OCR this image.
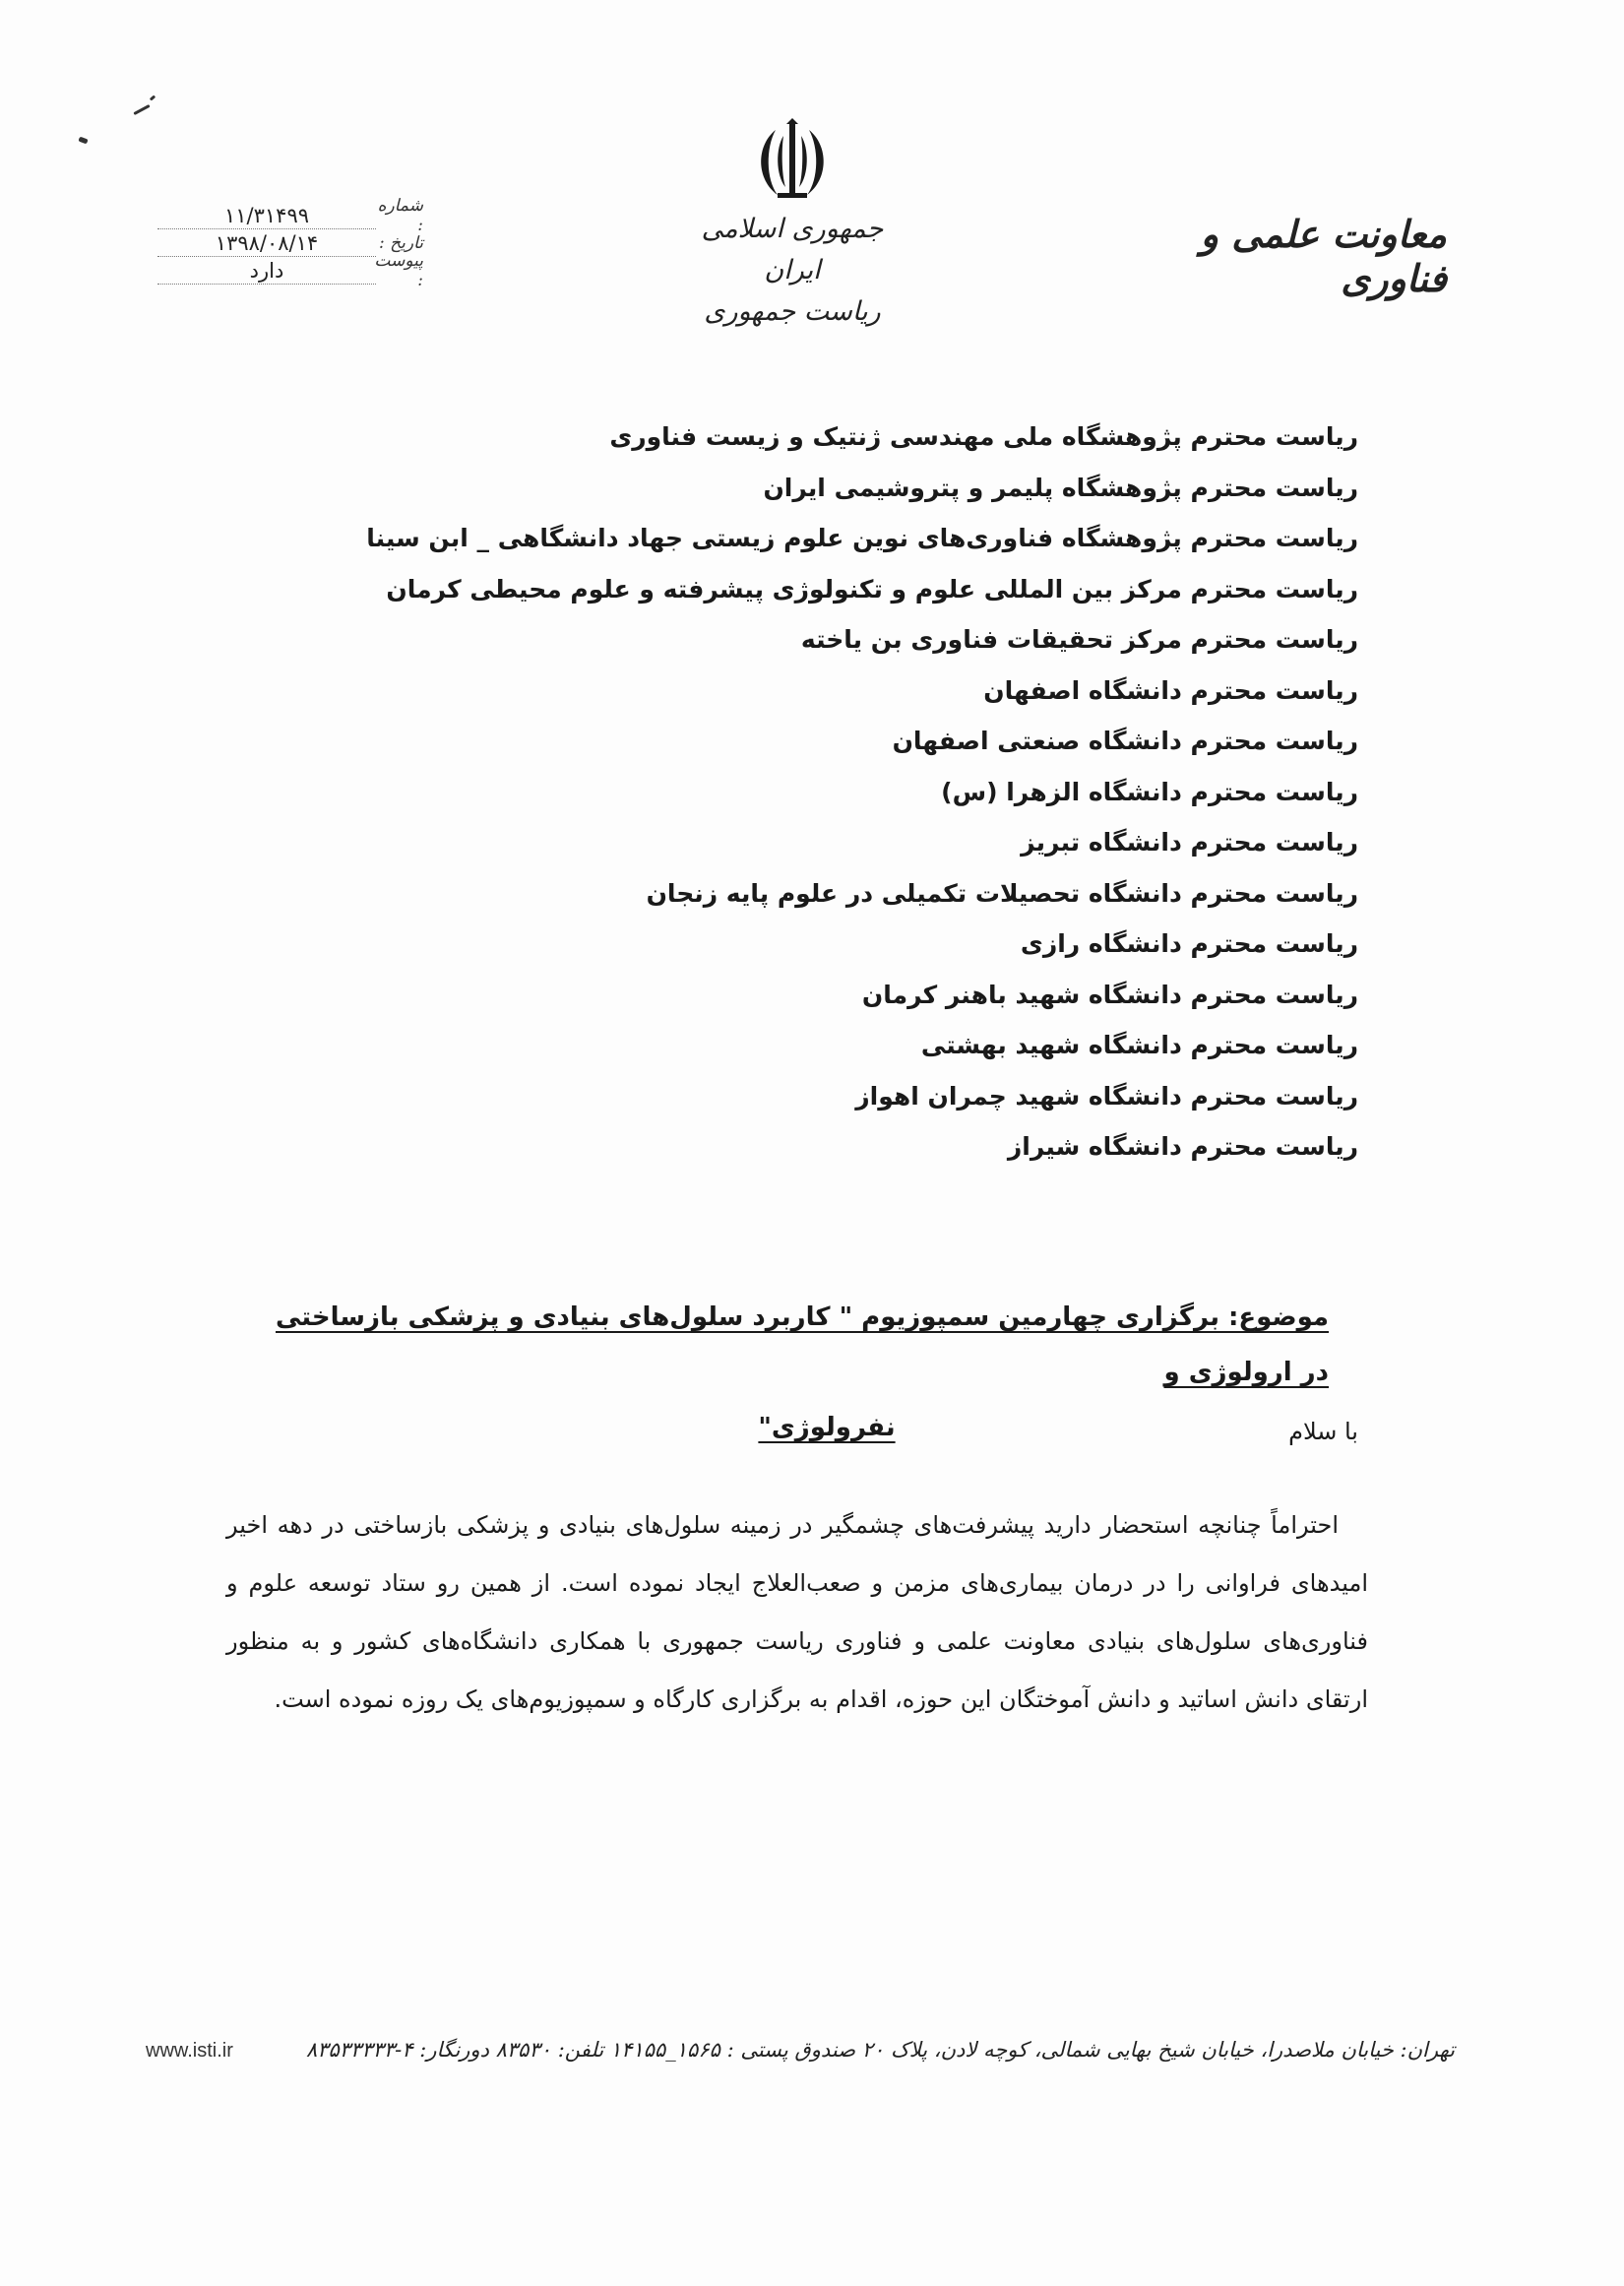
جمهوری اسلامی ایران
ریاست جمهوری
معاونت علمی و فناوری
شماره :
۱۱/۳۱۴۹۹
تاریخ :
۱۳۹۸/۰۸/۱۴
پیوست :
دارد
ریاست محترم پژوهشگاه ملی مهندسی ژنتیک و زیست فناوری
ریاست محترم پژوهشگاه پلیمر و پتروشیمی ایران
ریاست محترم پژوهشگاه فناوری‌های نوین علوم زیستی جهاد دانشگاهی _ ابن سینا
ریاست محترم مرکز بین المللی علوم و تکنولوژی پیشرفته و علوم محیطی کرمان
ریاست محترم مرکز تحقیقات فناوری بن یاخته
ریاست محترم دانشگاه اصفهان
ریاست محترم دانشگاه صنعتی اصفهان
ریاست محترم دانشگاه الزهرا (س)
ریاست محترم دانشگاه تبریز
ریاست محترم دانشگاه تحصیلات تکمیلی در علوم پایه زنجان
ریاست محترم دانشگاه رازی
ریاست محترم دانشگاه شهید باهنر کرمان
ریاست محترم دانشگاه شهید بهشتی
ریاست محترم دانشگاه شهید چمران اهواز
ریاست محترم دانشگاه شیراز
موضوع: برگزاری چهارمین سمپوزیوم " کاربرد سلول‌های بنیادی و پزشکی بازساختی در ارولوژی و
نفرولوژی"	با سلام
احتراماً چنانچه استحضار دارید پیشرفت‌های چشمگیر در زمینه سلول‌های بنیادی و پزشکی بازساختی در دهه اخیر امیدهای فراوانی را در درمان بیماری‌های مزمن و صعب‌العلاج ایجاد نموده است. از همین رو ستاد توسعه علوم و فناوری‌های سلول‌های بنیادی معاونت علمی و فناوری ریاست جمهوری با همکاری دانشگاه‌های کشور و به منظور ارتقای دانش اساتید و دانش آموختگان این حوزه، اقدام به برگزاری کارگاه و سمپوزیوم‌های یک روزه نموده است.
تهران: خیابان ملاصدرا، خیابان شیخ بهایی شمالی، کوچه لادن، پلاک ۲۰ صندوق پستی : ۱۵۶۵_۱۴۱۵۵ تلفن: ۸۳۵۳۰ دورنگار: ۴-۸۳۵۳۳۳۳۳
www.isti.ir
